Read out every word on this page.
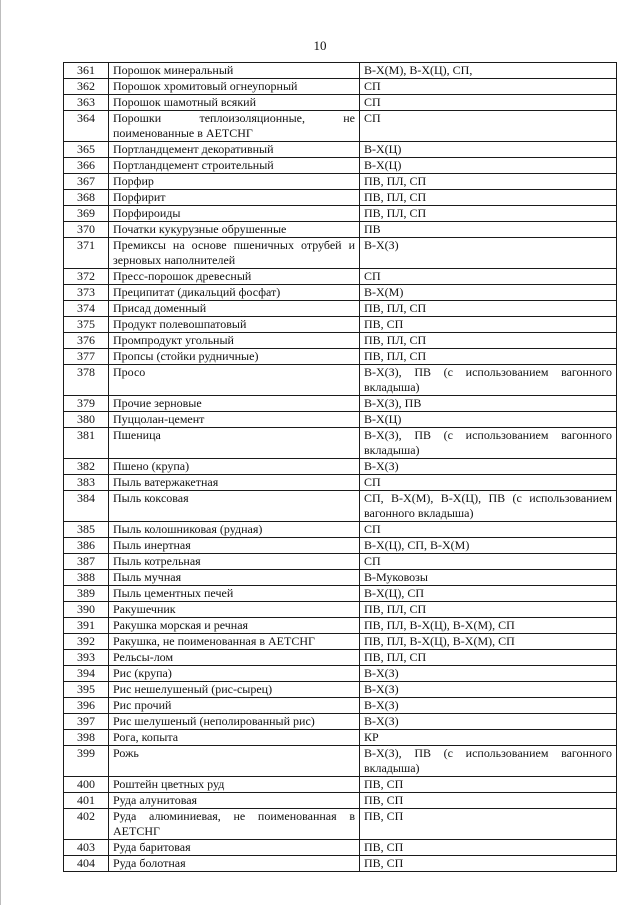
10
361	Порошок минеральный	В-Х(М), В-Х(Ц), СП,
362	Порошок хромитовый огнеупорный	СП
363	Порошок шамотный всякий	СП
364	Порошки теплоизоляционные, не поименованные в АЕТСНГ	СП
365	Портландцемент декоративный	В-Х(Ц)
366	Портландцемент строительный	В-Х(Ц)
367	Порфир	ПВ, ПЛ, СП
368	Порфирит	ПВ, ПЛ, СП
369	Порфироиды	ПВ, ПЛ, СП
370	Початки кукурузные обрушенные	ПВ
371	Премиксы на основе пшеничных отрубей и зерновых наполнителей	В-Х(З)
372	Пресс-порошок древесный	СП
373	Преципитат (дикальций фосфат)	В-Х(М)
374	Присад доменный	ПВ, ПЛ, СП
375	Продукт полевошпатовый	ПВ, СП
376	Промпродукт угольный	ПВ, ПЛ, СП
377	Пропсы (стойки рудничные)	ПВ, ПЛ, СП
378	Просо	В-Х(З), ПВ (с использованием вагонного вкладыша)
379	Прочие зерновые	В-Х(З), ПВ
380	Пуццолан-цемент	В-Х(Ц)
381	Пшеница	В-Х(З), ПВ (с использованием вагонного вкладыша)
382	Пшено (крупа)	В-Х(З)
383	Пыль ватержакетная	СП
384	Пыль коксовая	СП, В-Х(М), В-Х(Ц), ПВ (с использованием вагонного вкладыша)
385	Пыль колошниковая (рудная)	СП
386	Пыль инертная	В-Х(Ц), СП, В-Х(М)
387	Пыль котрельная	СП
388	Пыль мучная	В-Муковозы
389	Пыль цементных печей	В-Х(Ц), СП
390	Ракушечник	ПВ, ПЛ, СП
391	Ракушка морская и речная	ПВ, ПЛ, В-Х(Ц), В-Х(М), СП
392	Ракушка, не поименованная в АЕТСНГ	ПВ, ПЛ, В-Х(Ц), В-Х(М), СП
393	Рельсы-лом	ПВ, ПЛ, СП
394	Рис (крупа)	В-Х(З)
395	Рис нешелушеный (рис-сырец)	В-Х(З)
396	Рис прочий	В-Х(З)
397	Рис шелушеный (неполированный рис)	В-Х(З)
398	Рога, копыта	КР
399	Рожь	В-Х(З), ПВ (с использованием вагонного вкладыша)
400	Роштейн цветных руд	ПВ, СП
401	Руда алунитовая	ПВ, СП
402	Руда алюминиевая, не поименованная в АЕТСНГ	ПВ, СП
403	Руда баритовая	ПВ, СП
404	Руда болотная	ПВ, СП
